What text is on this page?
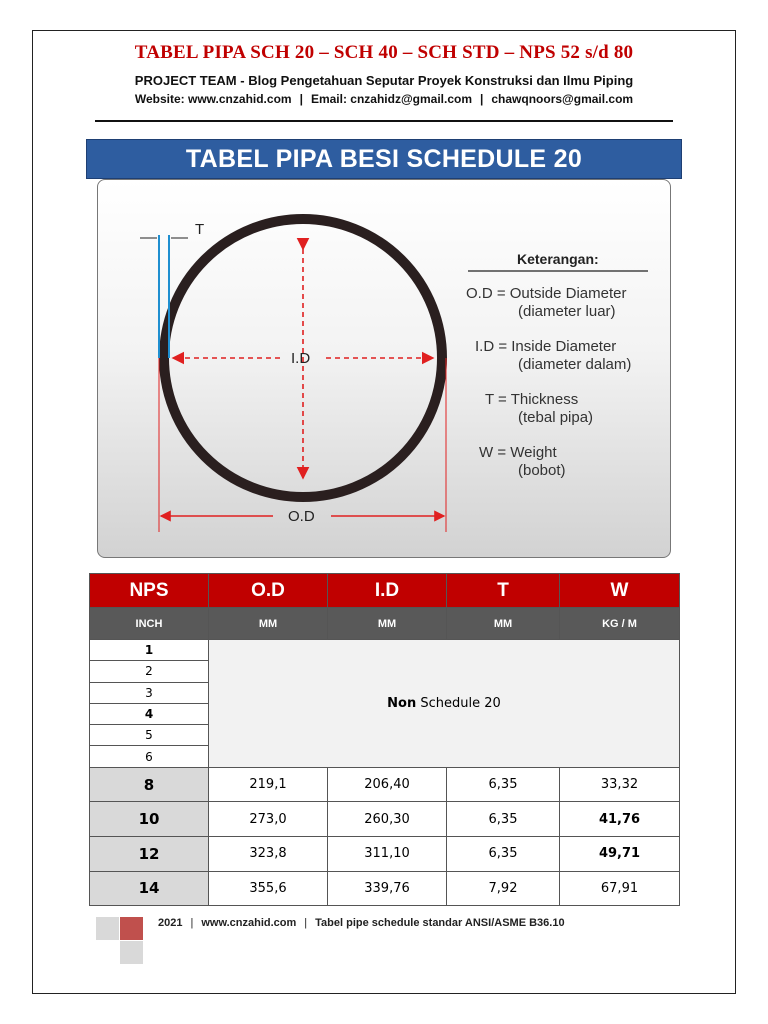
TABEL PIPA SCH 20 – SCH 40 – SCH STD – NPS 52 s/d 80
PROJECT TEAM - Blog Pengetahuan Seputar Proyek Konstruksi dan Ilmu Piping
Website: www.cnzahid.com | Email: cnzahidz@gmail.com | chawqnoors@gmail.com
TABEL PIPA BESI SCHEDULE 20
T
I.D
O.D
Keterangan:
O.D = Outside Diameter
(diameter luar)
I.D = Inside Diameter
(diameter dalam)
T = Thickness
(tebal pipa)
W = Weight
(bobot)
NPS	O.D	I.D	T	W
INCH	MM	MM	MM	KG / M
1	Non Schedule 20			
2				
3				
4				
5				
6				
8	219,1	206,40	6,35	33,32
10	273,0	260,30	6,35	41,76
12	323,8	311,10	6,35	49,71
14	355,6	339,76	7,92	67,91
2021 | www.cnzahid.com | Tabel pipe schedule standar ANSI/ASME B36.10
